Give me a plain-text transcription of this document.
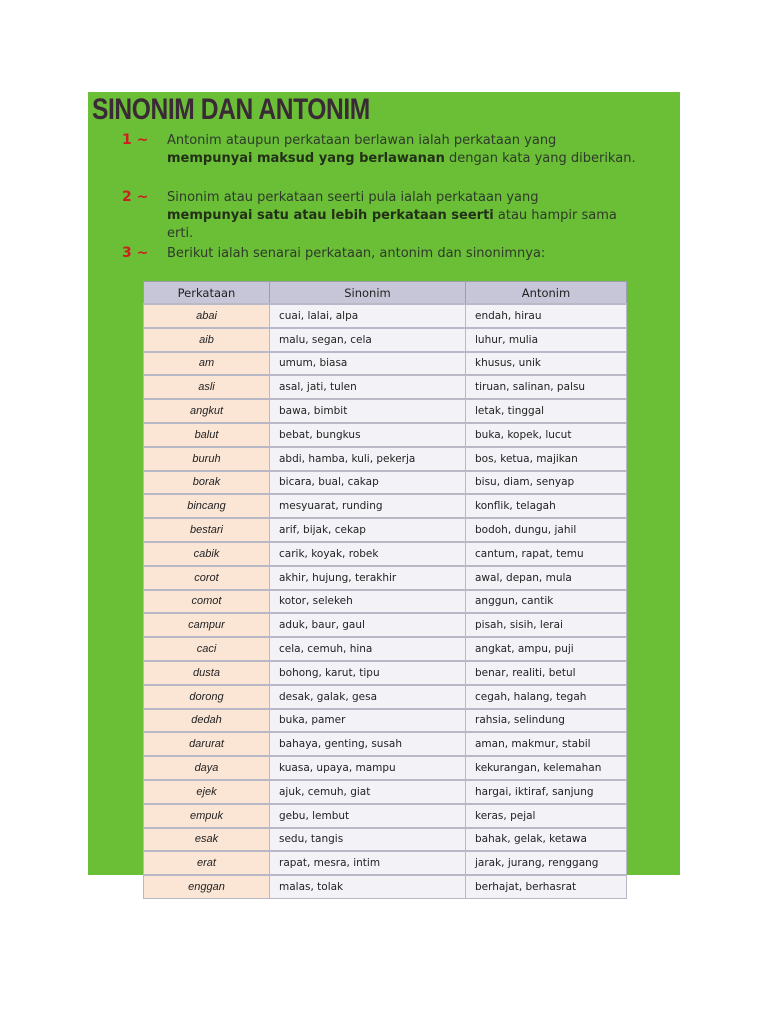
SINONIM DAN ANTONIM
1 ~ Antonim ataupun perkataan berlawan ialah perkataan yang
mempunyai maksud yang berlawanan dengan kata yang diberikan.
2 ~ Sinonim atau perkataan seerti pula ialah perkataan yang
mempunyai satu atau lebih perkataan seerti atau hampir sama erti.
3 ~ Berikut ialah senarai perkataan, antonim dan sinonimnya:
Perkataan	Sinonim	Antonim
abai	cuai, lalai, alpa	endah, hirau
aib	malu, segan, cela	luhur, mulia
am	umum, biasa	khusus, unik
asli	asal, jati, tulen	tiruan, salinan, palsu
angkut	bawa, bimbit	letak, tinggal
balut	bebat, bungkus	buka, kopek, lucut
buruh	abdi, hamba, kuli, pekerja	bos, ketua, majikan
borak	bicara, bual, cakap	bisu, diam, senyap
bincang	mesyuarat, runding	konflik, telagah
bestari	arif, bijak, cekap	bodoh, dungu, jahil
cabik	carik, koyak, robek	cantum, rapat, temu
corot	akhir, hujung, terakhir	awal, depan, mula
comot	kotor, selekeh	anggun, cantik
campur	aduk, baur, gaul	pisah, sisih, lerai
caci	cela, cemuh, hina	angkat, ampu, puji
dusta	bohong, karut, tipu	benar, realiti, betul
dorong	desak, galak, gesa	cegah, halang, tegah
dedah	buka, pamer	rahsia, selindung
darurat	bahaya, genting, susah	aman, makmur, stabil
daya	kuasa, upaya, mampu	kekurangan, kelemahan
ejek	ajuk, cemuh, giat	hargai, iktiraf, sanjung
empuk	gebu, lembut	keras, pejal
esak	sedu, tangis	bahak, gelak, ketawa
erat	rapat, mesra, intim	jarak, jurang, renggang
enggan	malas, tolak	berhajat, berhasrat
